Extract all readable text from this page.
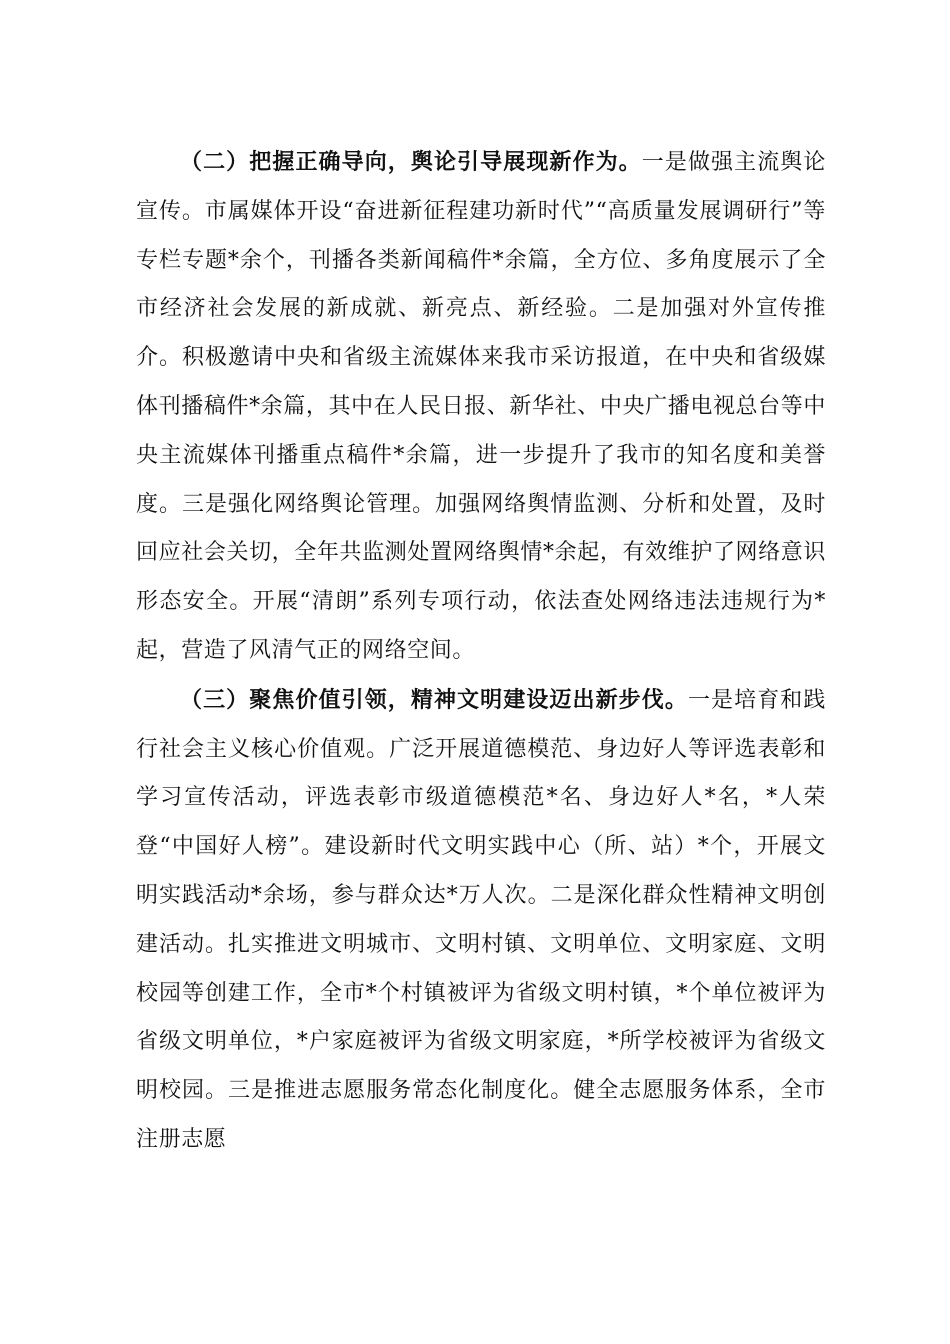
（二）把握正确导向，舆论引导展现新作为。一是做强主流舆论宣传。市属媒体开设“奋进新征程建功新时代”“高质量发展调研行”等专栏专题*余个，刊播各类新闻稿件*余篇，全方位、多角度展示了全市经济社会发展的新成就、新亮点、新经验。二是加强对外宣传推介。积极邀请中央和省级主流媒体来我市采访报道，在中央和省级媒体刊播稿件*余篇，其中在人民日报、新华社、中央广播电视总台等中央主流媒体刊播重点稿件*余篇，进一步提升了我市的知名度和美誉度。三是强化网络舆论管理。加强网络舆情监测、分析和处置，及时回应社会关切，全年共监测处置网络舆情*余起，有效维护了网络意识形态安全。开展“清朗”系列专项行动，依法查处网络违法违规行为*起，营造了风清气正的网络空间。

（三）聚焦价值引领，精神文明建设迈出新步伐。一是培育和践行社会主义核心价值观。广泛开展道德模范、身边好人等评选表彰和学习宣传活动，评选表彰市级道德模范*名、身边好人*名，*人荣登“中国好人榜”。建设新时代文明实践中心（所、站）*个，开展文明实践活动*余场，参与群众达*万人次。二是深化群众性精神文明创建活动。扎实推进文明城市、文明村镇、文明单位、文明家庭、文明校园等创建工作，全市*个村镇被评为省级文明村镇，*个单位被评为省级文明单位，*户家庭被评为省级文明家庭，*所学校被评为省级文明校园。三是推进志愿服务常态化制度化。健全志愿服务体系，全市注册志愿
